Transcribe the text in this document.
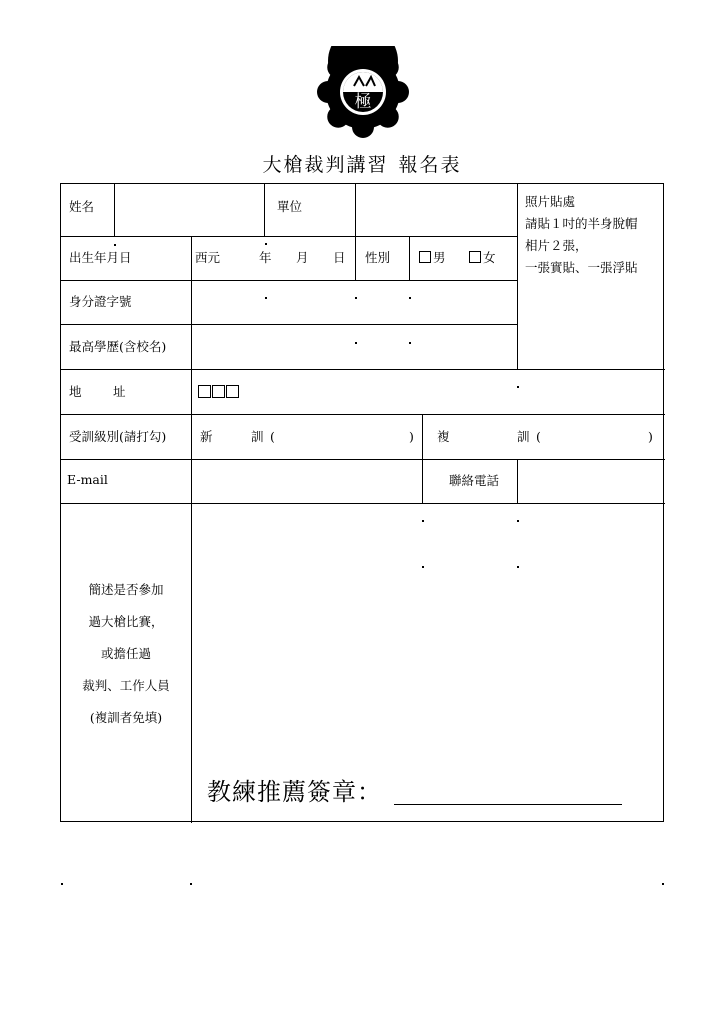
極
大槍裁判講習 報名表
姓名	單位	照片貼處
請貼１吋的半身脫帽
相片２張，
一張實貼、一張浮貼
出生年月日	西元	年 月 日 性別	男	女
身分證字號
最高學歷(含校名)
地	址
受訓級別(請打勾)	新	訓 (	) 複	訓 (	)
E-mail	聯絡電話
簡述是否參加
過大槍比賽，
或擔任過
裁判、工作人員
(複訓者免填)
教練推薦簽章：
